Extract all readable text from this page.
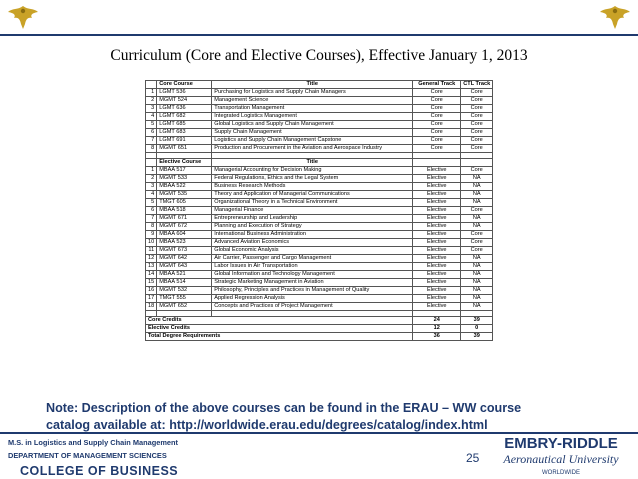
Curriculum (Core and Elective Courses), Effective January 1, 2013
	Core Course	Title	General Track	CTL Track
1	LGMT 536	Purchasing for Logistics and Supply Chain Managers	Core	Core
2	MGMT 524	Management Science	Core	Core
3	LGMT 636	Transportation Management	Core	Core
4	LGMT 682	Integrated Logistics Management	Core	Core
5	LGMT 685	Global Logistics and Supply Chain Management	Core	Core
6	LGMT 683	Supply Chain Management	Core	Core
7	LGMT 691	Logistics and Supply Chain Management Capstone	Core	Core
8	MGMT 651	Production and Procurement in the Aviation and Aerospace Industry	Core	Core

	Elective Course	Title		
1	MBAA 517	Managerial Accounting for Decision Making	Elective	Core
2	MGMT 533	Federal Regulations, Ethics and the Legal System	Elective	NA
3	MBAA 522	Business Research Methods	Elective	NA
4	MGMT 535	Theory and Application of Managerial Communications	Elective	NA
5	TMGT 605	Organizational Theory in a Technical Environment	Elective	NA
6	MBAA 518	Managerial Finance	Elective	Core
7	MGMT 671	Entrepreneurship and Leadership	Elective	NA
8	MGMT 672	Planning and Execution of Strategy	Elective	NA
9	MBAA 604	International Business Administration	Elective	Core
10	MBAA 523	Advanced Aviation Economics	Elective	Core
11	MGMT 673	Global Economic Analysis	Elective	Core
12	MGMT 642	Air Carrier, Passenger and Cargo Management	Elective	NA
13	MGMT 643	Labor Issues in Air Transportation	Elective	NA
14	MBAA 521	Global Information and Technology Management	Elective	NA
15	MBAA 514	Strategic Marketing Management in Aviation	Elective	NA
16	MGMT 532	Philosophy, Principles and Practices in Management of Quality	Elective	NA
17	TMGT 555	Applied Regression Analysis	Elective	NA
18	MGMT 652	Concepts and Practices of Project Management	Elective	NA

Core Credits			24	39
Elective Credits			12	0
Total Degree Requirements			36	39
Note: Description of the above courses can be found in the ERAU – WW course
catalog available at: http://worldwide.erau.edu/degrees/catalog/index.html
M.S. in Logistics and Supply Chain Management
DEPARTMENT OF MANAGEMENT SCIENCES
COLLEGE OF BUSINESS
25
EMBRY-RIDDLE
Aeronautical University
WORLDWIDE
